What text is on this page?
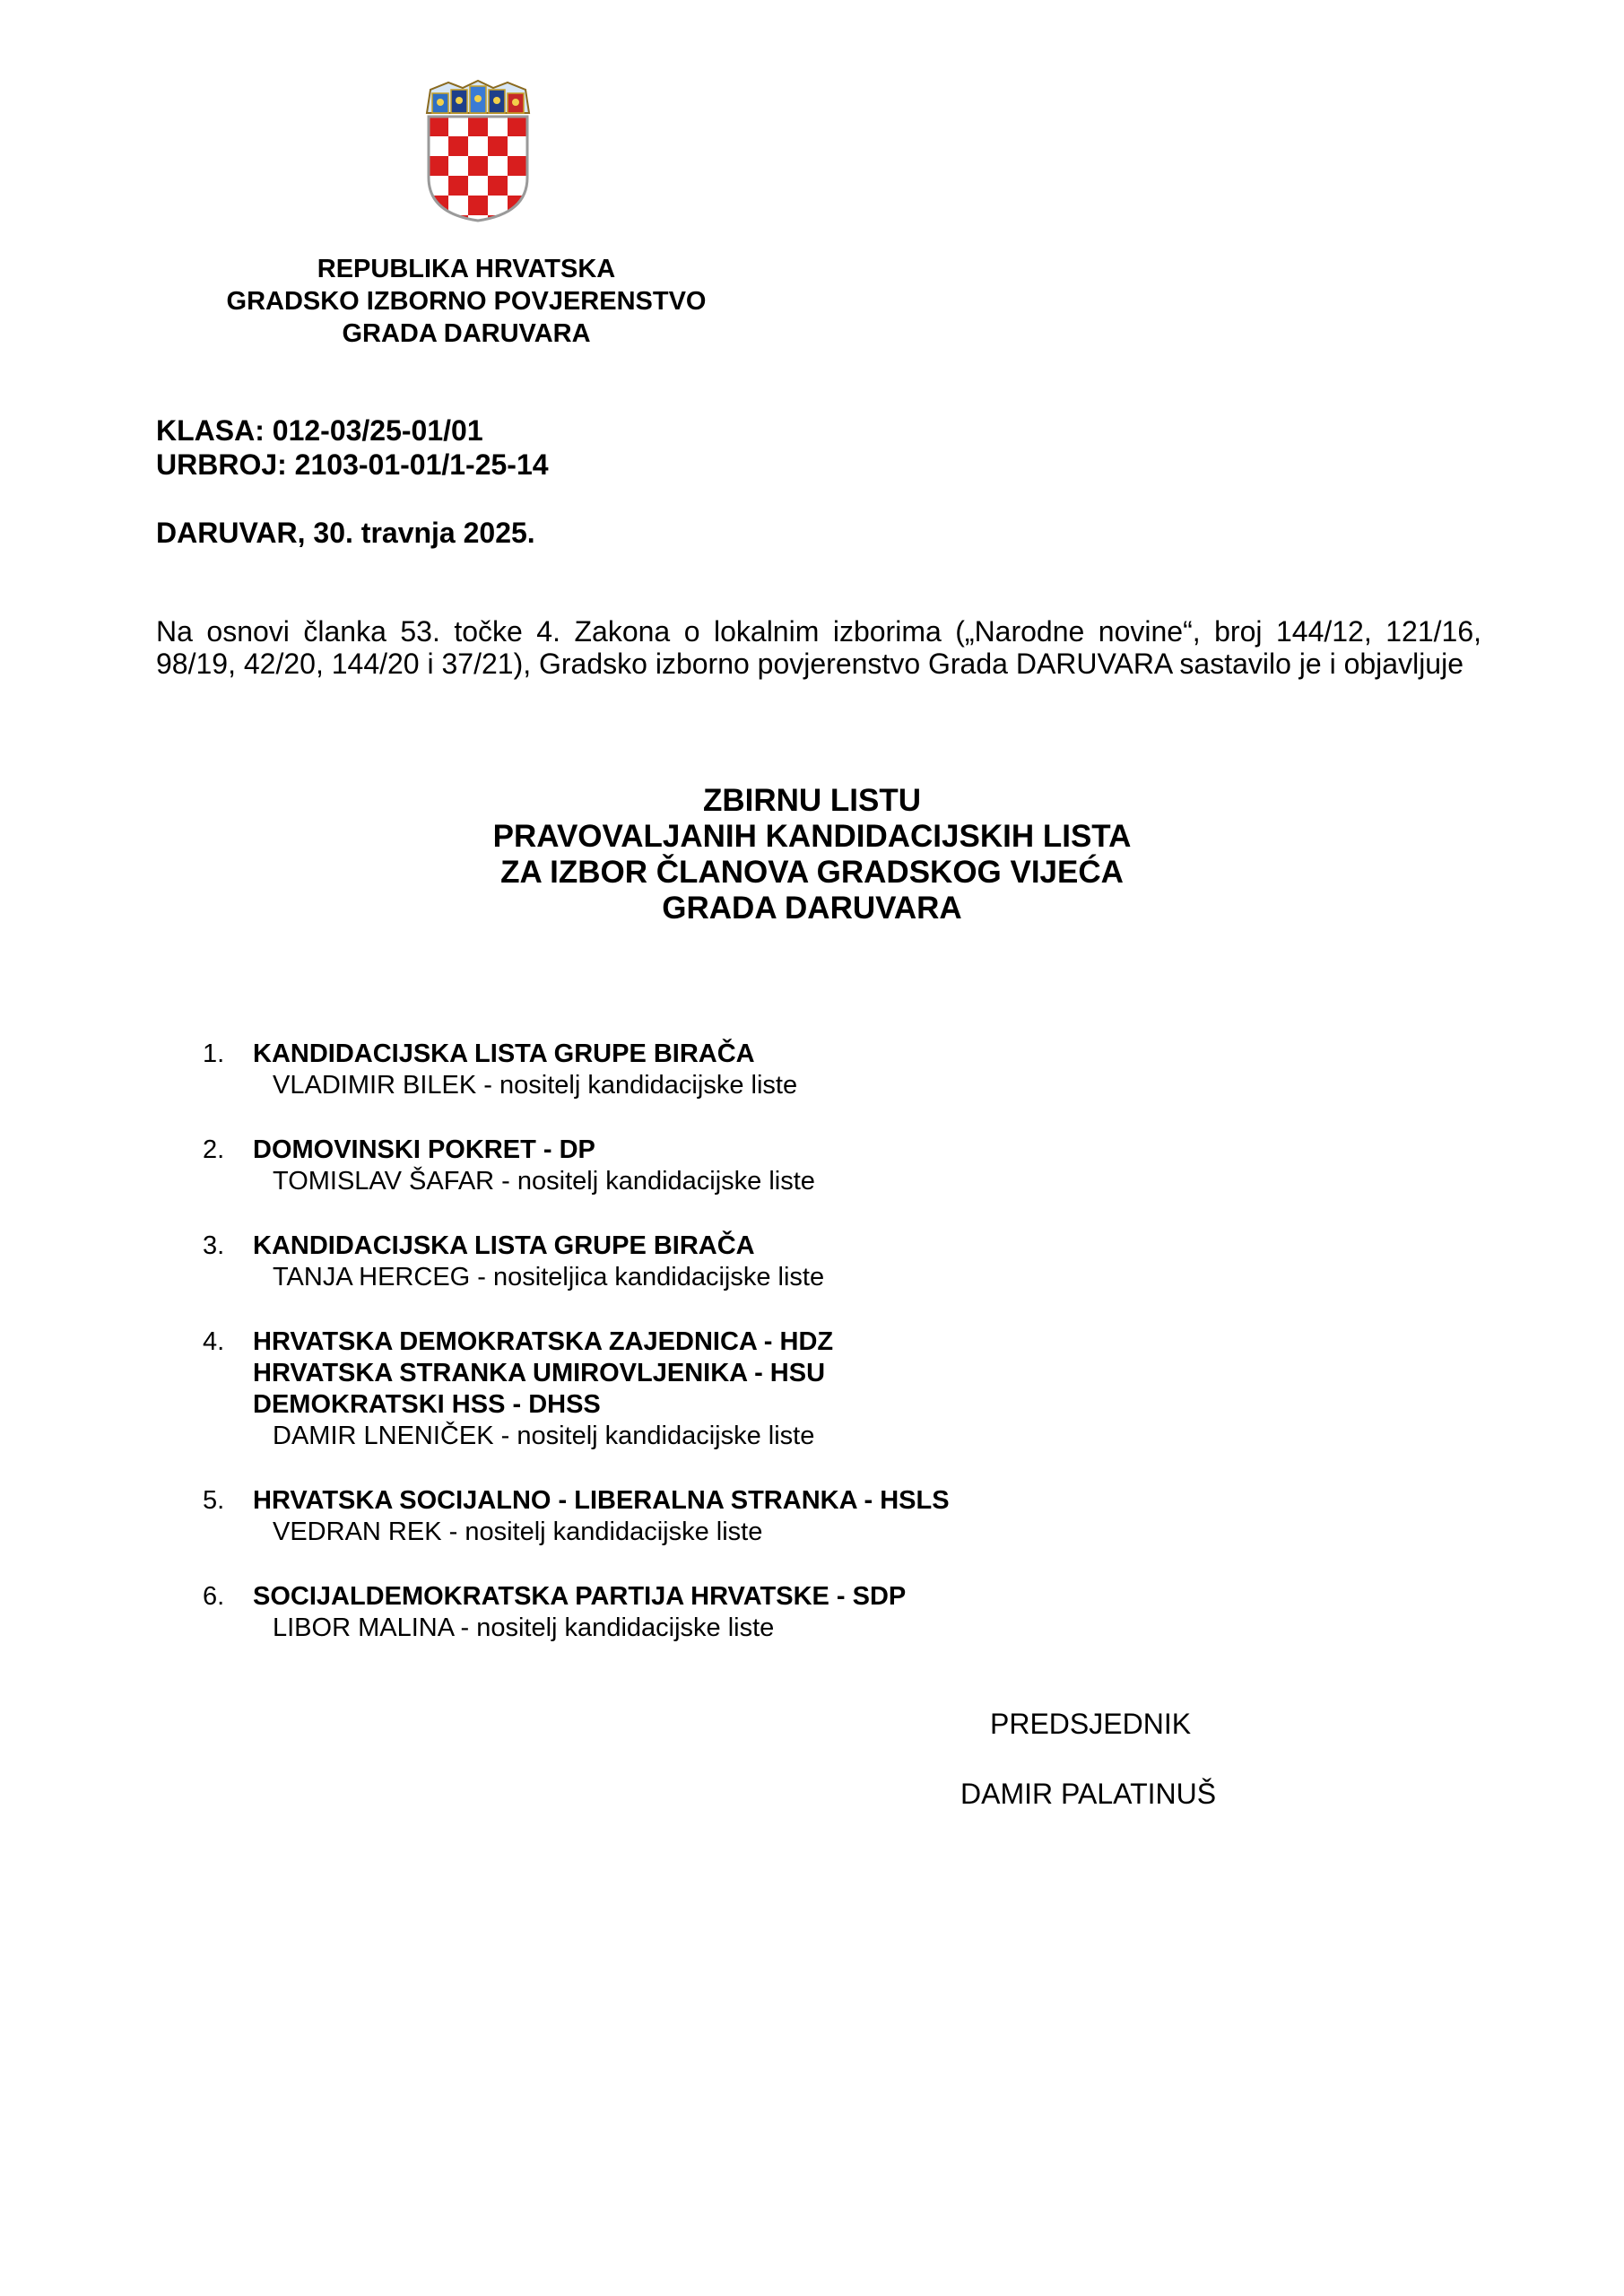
REPUBLIKA HRVATSKA
GRADSKO IZBORNO POVJERENSTVO
GRADA DARUVARA
KLASA: 012-03/25-01/01
URBROJ: 2103-01-01/1-25-14
DARUVAR, 30. travnja 2025.
Na osnovi članka 53. točke 4. Zakona o lokalnim izborima („Narodne novine“, broj 144/12, 121/16, 98/19, 42/20, 144/20 i 37/21), Gradsko izborno povjerenstvo Grada DARUVARA sastavilo je i objavljuje
ZBIRNU LISTU
PRAVOVALJANIH KANDIDACIJSKIH LISTA
ZA IZBOR ČLANOVA GRADSKOG VIJEĆA
GRADA DARUVARA
1. KANDIDACIJSKA LISTA GRUPE BIRAČA
VLADIMIR BILEK - nositelj kandidacijske liste
2. DOMOVINSKI POKRET - DP
TOMISLAV ŠAFAR - nositelj kandidacijske liste
3. KANDIDACIJSKA LISTA GRUPE BIRAČA
TANJA HERCEG - nositeljica kandidacijske liste
4. HRVATSKA DEMOKRATSKA ZAJEDNICA - HDZ
HRVATSKA STRANKA UMIROVLJENIKA - HSU
DEMOKRATSKI HSS - DHSS
DAMIR LNENIČEK - nositelj kandidacijske liste
5. HRVATSKA SOCIJALNO - LIBERALNA STRANKA - HSLS
VEDRAN REK - nositelj kandidacijske liste
6. SOCIJALDEMOKRATSKA PARTIJA HRVATSKE - SDP
LIBOR MALINA - nositelj kandidacijske liste
PREDSJEDNIK
DAMIR PALATINUŠ
